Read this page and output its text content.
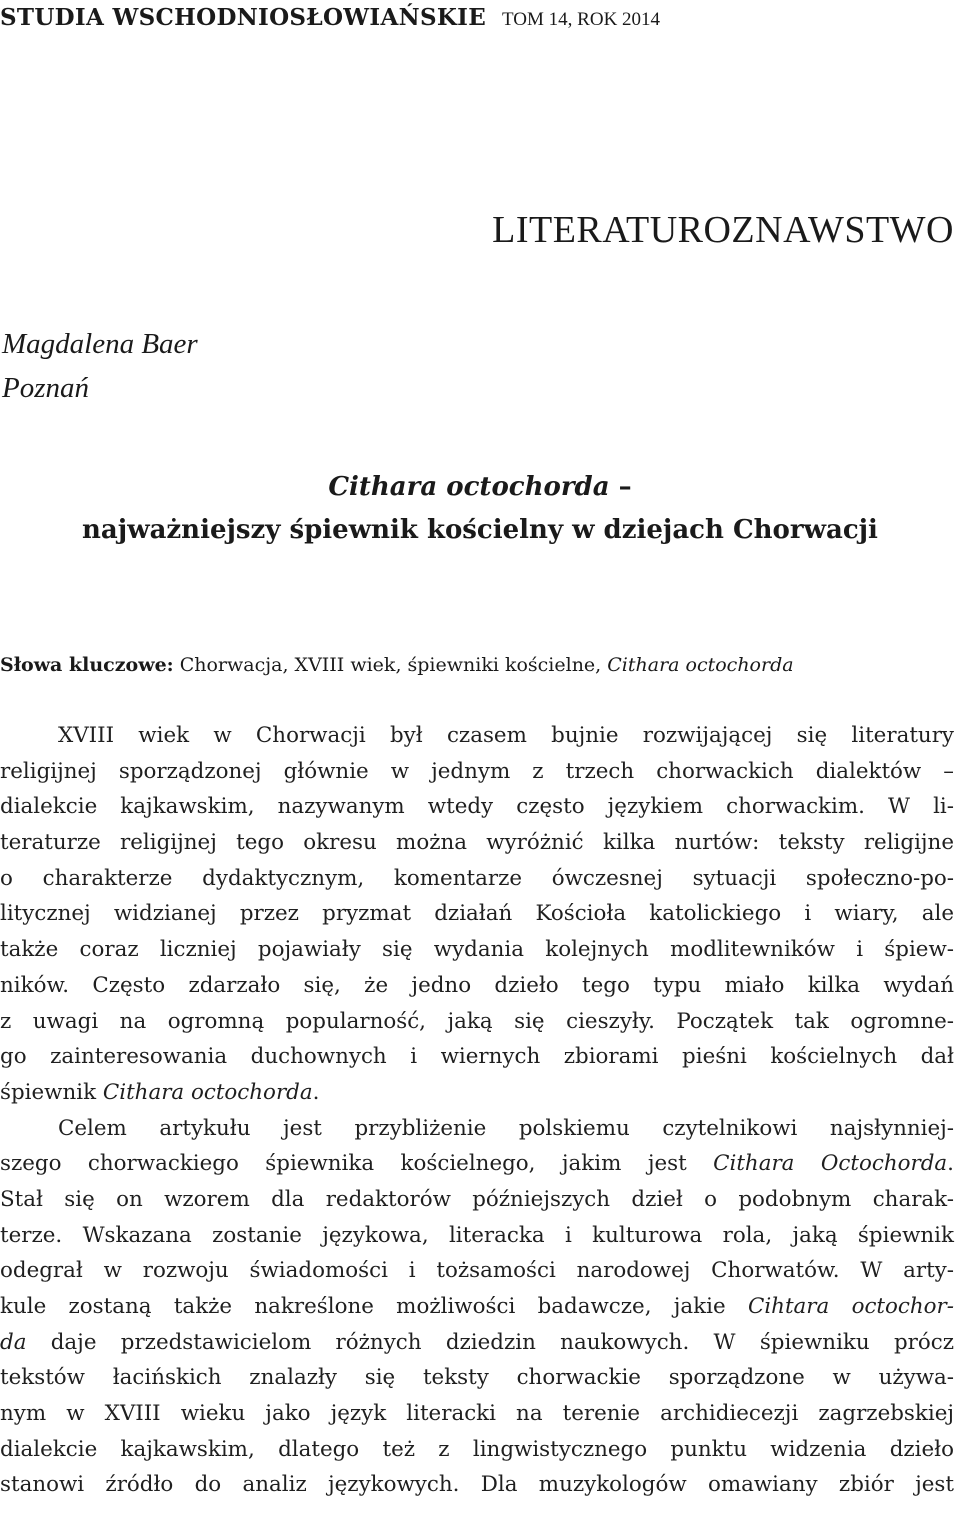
STUDIA WSCHODNIOSŁOWIAŃSKIE TOM 14, ROK 2014
LITERATUROZNAWSTWO
Magdalena Baer
Poznań
Cithara octochorda –
najważniejszy śpiewnik kościelny w dziejach Chorwacji
Słowa kluczowe: Chorwacja, XVIII wiek, śpiewniki kościelne, Cithara octochorda
XVIII wiek w Chorwacji był czasem bujnie rozwijającej się literatury
religijnej sporządzonej głównie w jednym z trzech chorwackich dialektów –
dialekcie kajkawskim, nazywanym wtedy często językiem chorwackim. W li-
teraturze religijnej tego okresu można wyróżnić kilka nurtów: teksty religijne
o charakterze dydaktycznym, komentarze ówczesnej sytuacji społeczno-po-
litycznej widzianej przez pryzmat działań Kościoła katolickiego i wiary, ale
także coraz liczniej pojawiały się wydania kolejnych modlitewników i śpiew-
ników. Często zdarzało się, że jedno dzieło tego typu miało kilka wydań
z uwagi na ogromną popularność, jaką się cieszyły. Początek tak ogromne-
go zainteresowania duchownych i wiernych zbiorami pieśni kościelnych dał
śpiewnik Cithara octochorda.
Celem artykułu jest przybliżenie polskiemu czytelnikowi najsłynniej-
szego chorwackiego śpiewnika kościelnego, jakim jest Cithara Octochorda.
Stał się on wzorem dla redaktorów późniejszych dzieł o podobnym charak-
terze. Wskazana zostanie językowa, literacka i kulturowa rola, jaką śpiewnik
odegrał w rozwoju świadomości i tożsamości narodowej Chorwatów. W arty-
kule zostaną także nakreślone możliwości badawcze, jakie Cihtara octochor-
da daje przedstawicielom różnych dziedzin naukowych. W śpiewniku prócz
tekstów łacińskich znalazły się teksty chorwackie sporządzone w używa-
nym w XVIII wieku jako język literacki na terenie archidiecezji zagrzebskiej
dialekcie kajkawskim, dlatego też z lingwistycznego punktu widzenia dzieło
stanowi źródło do analiz językowych. Dla muzykologów omawiany zbiór jest
